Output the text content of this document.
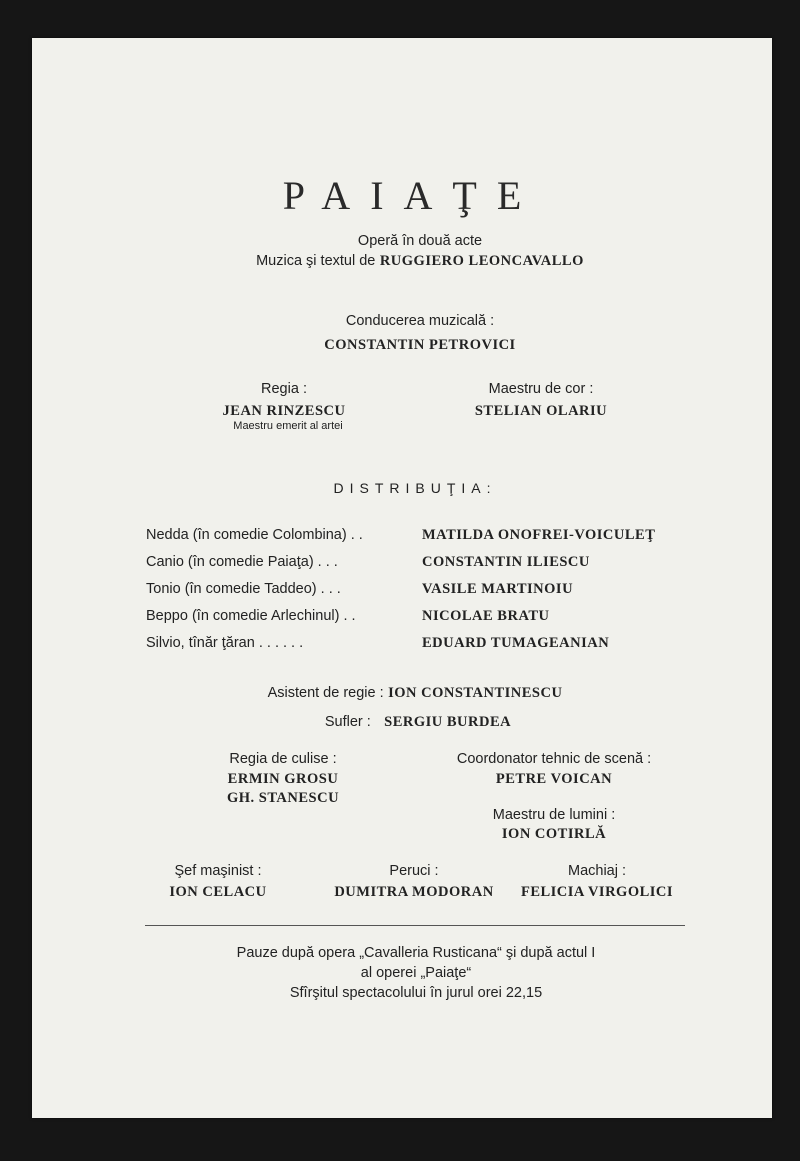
PAIAŢE
Operă în două acte
Muzica şi textul de RUGGIERO LEONCAVALLO
Conducerea muzicală :
CONSTANTIN PETROVICI
Regia :
JEAN RINZESCU
Maestru emerit al artei
Maestru de cor :
STELIAN OLARIU
DISTRIBUŢIA:
Nedda (în comedie Colombina) . .	MATILDA ONOFREI-VOICULEŢ
Canio (în comedie Paiaţa) . . .	CONSTANTIN ILIESCU
Tonio (în comedie Taddeo) . . .	VASILE MARTINOIU
Beppo (în comedie Arlechinul) . .	NICOLAE BRATU
Silvio, tînăr ţăran . . . . . .	EDUARD TUMAGEANIAN
Asistent de regie : ION CONSTANTINESCU
Sufler : SERGIU BURDEA
Regia de culise :
ERMIN GROSU
GH. STANESCU
Coordonator tehnic de scenă :
PETRE VOICAN
Maestru de lumini :
ION COTIRLĂ
Şef maşinist :
ION CELACU
Peruci :
DUMITRA MODORAN
Machiaj :
FELICIA VIRGOLICI
Pauze după opera „Cavalleria Rusticana“ şi după actul I
al operei „Paiaţe“
Sfîrşitul spectacolului în jurul orei 22,15
